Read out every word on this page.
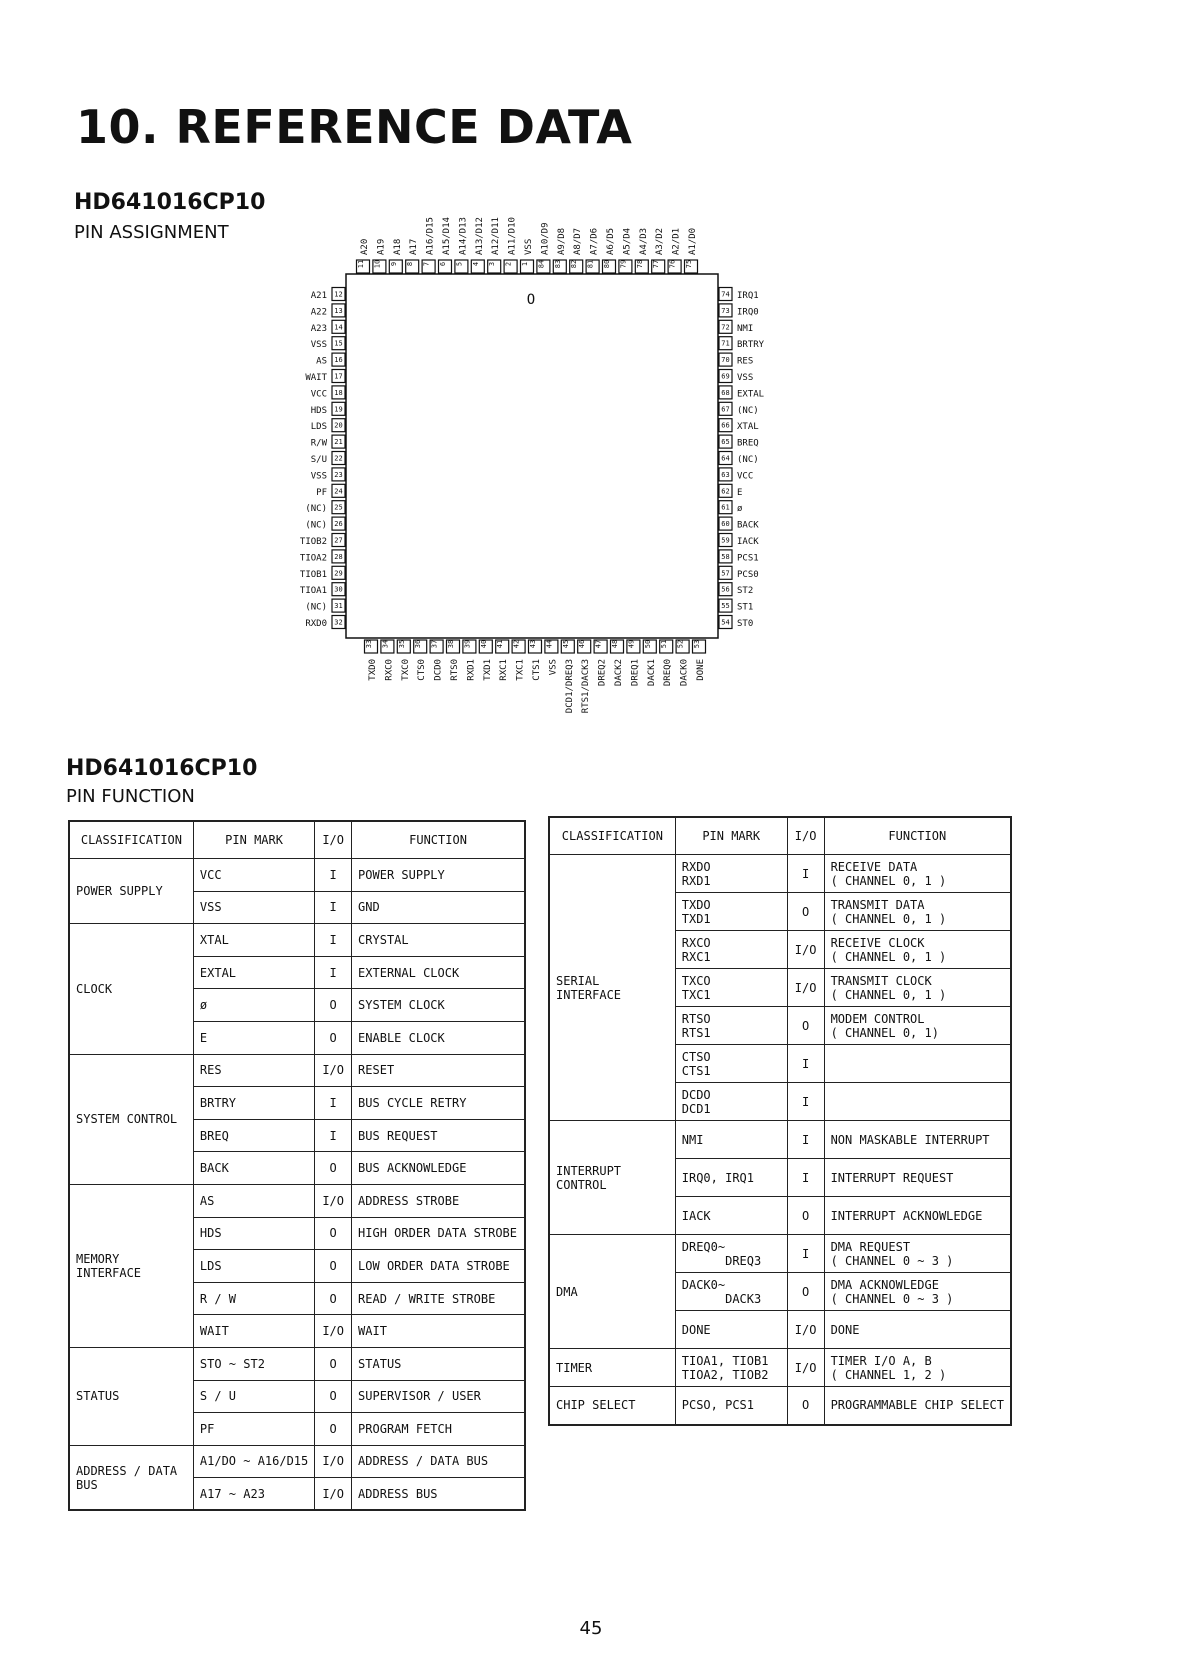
10. REFERENCE DATA
HD641016CP10
PIN ASSIGNMENT
O
11
A20
10
A19
9
A18
8
A17
7
A16/D15
6
A15/D14
5
A14/D13
4
A13/D12
3
A12/D11
2
A11/D10
1
VSS
84
A10/D9
83
A9/D8
82
A8/D7
81
A7/D6
80
A6/D5
79
A5/D4
78
A4/D3
77
A3/D2
76
A2/D1
75
A1/D0
33
TXD0
34
RXC0
35
TXC0
36
CTS0
37
DCD0
38
RTS0
39
RXD1
40
TXD1
41
RXC1
42
TXC1
43
CTS1
44
VSS
45
DCD1/DREQ3
46
RTS1/DACK3
47
DREQ2
48
DACK2
49
DREQ1
50
DACK1
51
DREQ0
52
DACK0
53
DONE
12
A21
13
A22
14
A23
15
VSS
16
AS
17
WAIT
18
VCC
19
HDS
20
LDS
21
R/W
22
S/U
23
VSS
24
PF
25
(NC)
26
(NC)
27
TIOB2
28
TIOA2
29
TIOB1
30
TIOA1
31
(NC)
32
RXD0
74 IRQ1
73 IRQ0
72 NMI
71 BRTRY
70 RES
69 VSS
68 EXTAL
67 (NC)
66 XTAL
65 BREQ
64 (NC)
63 VCC
62 E
61 ø
60 BACK
59 IACK
58 PCS1
57 PCS0
56 ST2
55 ST1
54 ST0
HD641016CP10
PIN FUNCTION
CLASSIFICATION	PIN MARK	I/O	FUNCTION
POWER SUPPLY	VCC	I	POWER SUPPLY
	VSS	I	GND
CLOCK	XTAL	I	CRYSTAL
	EXTAL	I	EXTERNAL CLOCK
	ø	O	SYSTEM CLOCK
	E	O	ENABLE CLOCK
SYSTEM CONTROL	RES	I/O	RESET
	BRTRY	I	BUS CYCLE RETRY
	BREQ	I	BUS REQUEST
	BACK	O	BUS ACKNOWLEDGE
MEMORY INTERFACE	AS	I/O	ADDRESS STROBE
	HDS	O	HIGH ORDER DATA STROBE
	LDS	O	LOW ORDER DATA STROBE
	R / W	O	READ / WRITE STROBE
	WAIT	I/O	WAIT
STATUS	STO ~ ST2	O	STATUS
	S / U	O	SUPERVISOR / USER
	PF	O	PROGRAM FETCH
ADDRESS / DATA BUS	A1/DO ~ A16/D15	I/O	ADDRESS / DATA BUS
	A17 ~ A23	I/O	ADDRESS BUS
CLASSIFICATION	PIN MARK	I/O	FUNCTION
SERIAL INTERFACE	RXDO
RXD1	I	RECEIVE DATA
( CHANNEL 0, 1 )
	TXDO
TXD1	O	TRANSMIT DATA
( CHANNEL 0, 1 )
	RXCO
RXC1	I/O	RECEIVE CLOCK
( CHANNEL 0, 1 )
	TXCO
TXC1	I/O	TRANSMIT CLOCK
( CHANNEL 0, 1 )
	RTSO
RTS1	O	MODEM CONTROL
( CHANNEL 0, 1)
	CTSO
CTS1	I	
	DCDO
DCD1	I	
INTERRUPT CONTROL	NMI	I	NON MASKABLE INTERRUPT
	IRQ0, IRQ1	I	INTERRUPT REQUEST
	IACK	O	INTERRUPT ACKNOWLEDGE
DMA	DREQ0~
DREQ3	I	DMA REQUEST
( CHANNEL 0 ~ 3 )
	DACK0~
DACK3	O	DMA ACKNOWLEDGE
( CHANNEL 0 ~ 3 )
	DONE	I/O	DONE
TIMER	TIOA1, TIOB1
TIOA2, TIOB2	I/O	TIMER I/O A, B
( CHANNEL 1, 2 )
CHIP SELECT	PCSO, PCS1	O	PROGRAMMABLE CHIP SELECT
45
